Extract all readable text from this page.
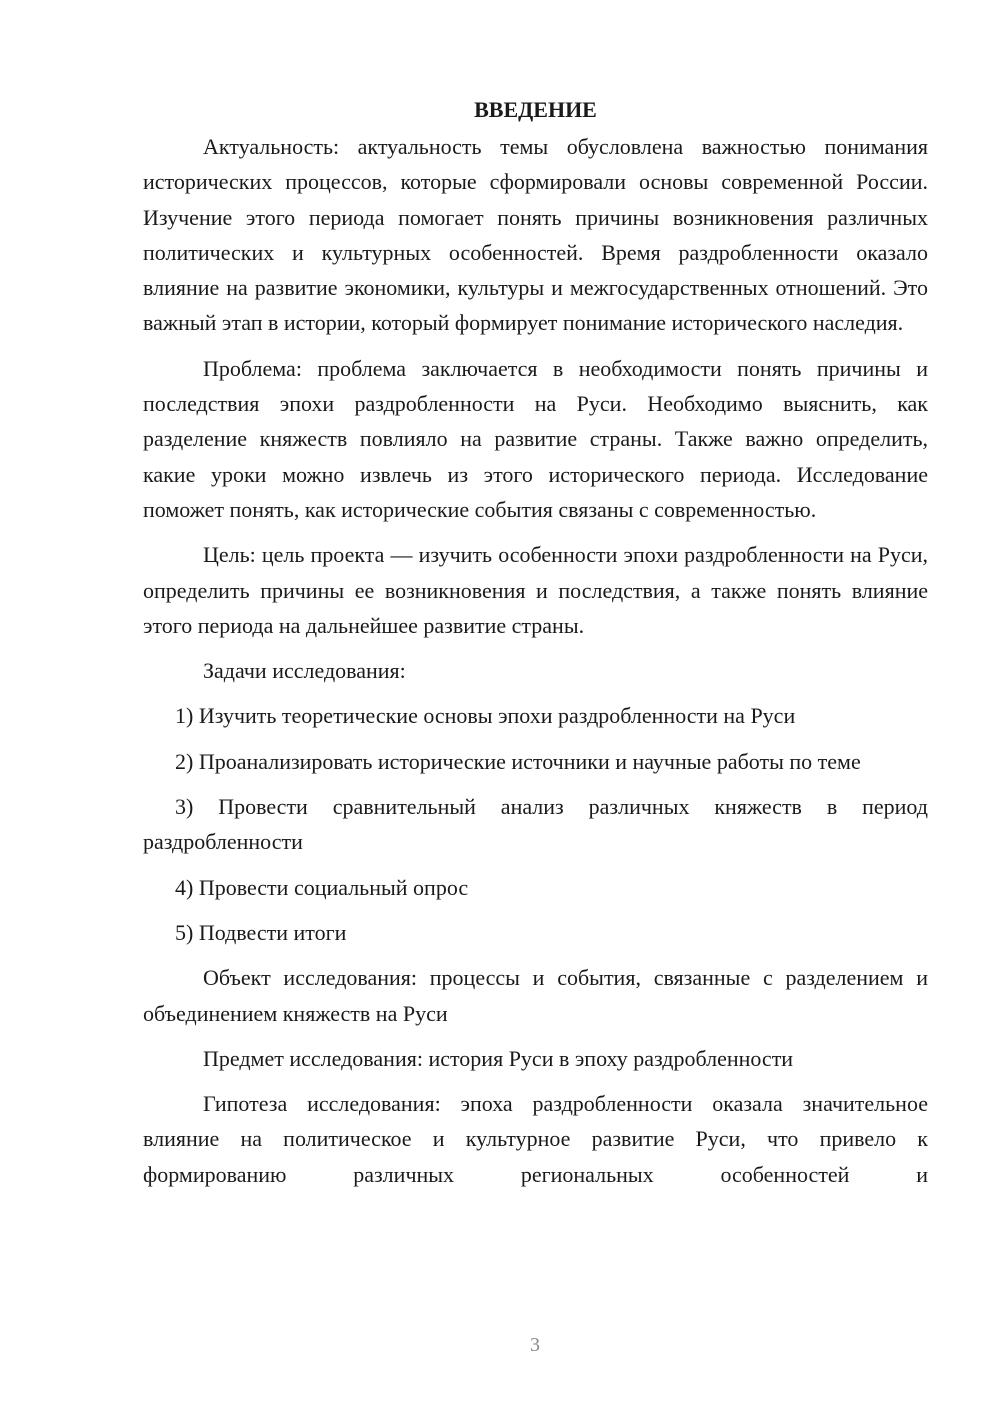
ВВЕДЕНИЕ

Актуальность: актуальность темы обусловлена важностью понимания исторических процессов, которые сформировали основы современной России. Изучение этого периода помогает понять причины возникновения различных политических и культурных особенностей. Время раздробленности оказало влияние на развитие экономики, культуры и межгосударственных отношений. Это важный этап в истории, который формирует понимание исторического наследия.

Проблема: проблема заключается в необходимости понять причины и последствия эпохи раздробленности на Руси. Необходимо выяснить, как разделение княжеств повлияло на развитие страны. Также важно определить, какие уроки можно извлечь из этого исторического периода. Исследование поможет понять, как исторические события связаны с современностью.

Цель: цель проекта — изучить особенности эпохи раздробленности на Руси, определить причины ее возникновения и последствия, а также понять влияние этого периода на дальнейшее развитие страны.

Задачи исследования:

1) Изучить теоретические основы эпохи раздробленности на Руси

2) Проанализировать исторические источники и научные работы по теме

3) Провести сравнительный анализ различных княжеств в период раздробленности

4) Провести социальный опрос

5) Подвести итоги

Объект исследования: процессы и события, связанные с разделением и объединением княжеств на Руси

Предмет исследования: история Руси в эпоху раздробленности

Гипотеза исследования: эпоха раздробленности оказала значительное влияние на политическое и культурное развитие Руси, что привело к формированию различных региональных особенностей и

3
